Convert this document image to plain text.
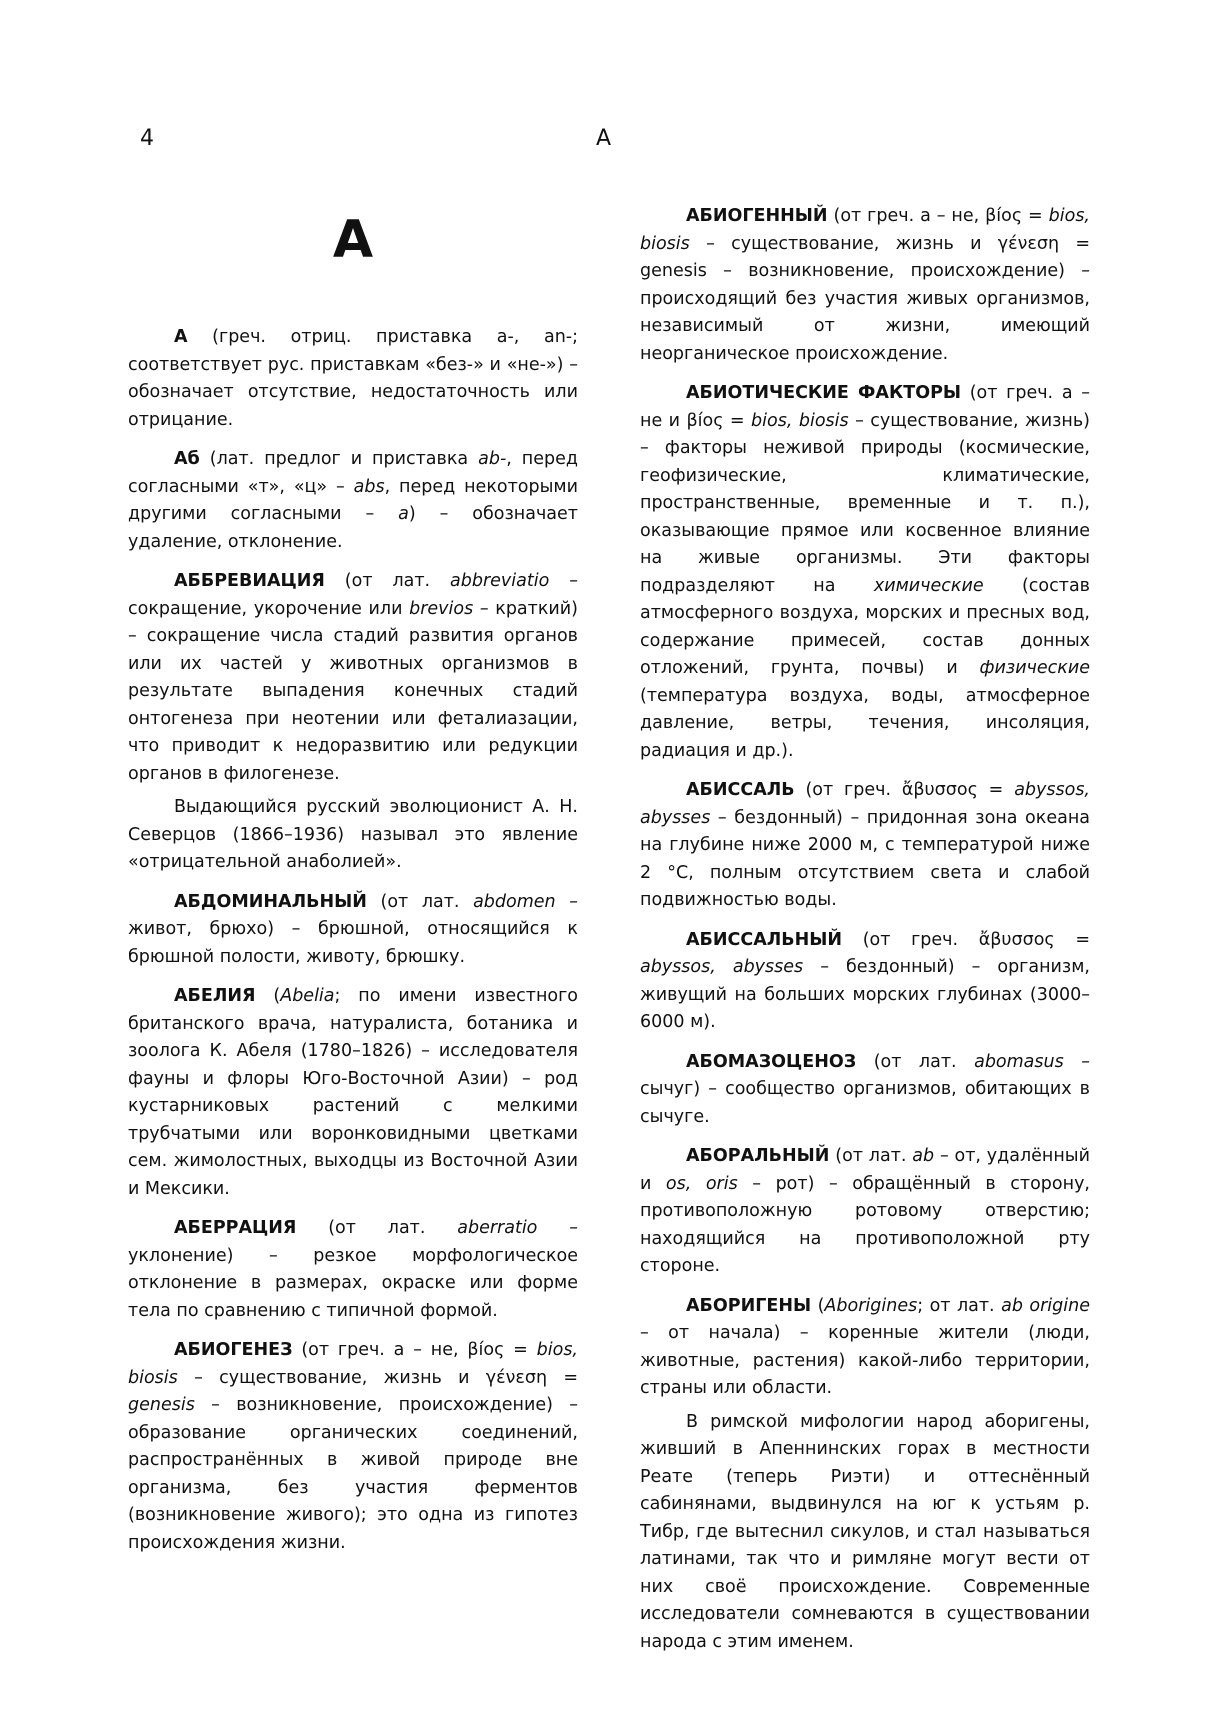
4	А
А

А (греч. отриц. приставка а-, an-; соответствует рус. приставкам «без-» и «не-») – обозначает отсутствие, недостаточность или отрицание.

Аб (лат. предлог и приставка ab-, перед согласными «т», «ц» – abs, перед некоторыми другими согласными – a) – обозначает удаление, отклонение.

АББРЕВИАЦИЯ (от лат. abbreviatio – сокращение, укорочение или brevios – краткий) – сокращение числа стадий развития органов или их частей у животных организмов в результате выпадения конечных стадий онтогенеза при неотении или феталиазации, что приводит к недоразвитию или редукции органов в филогенезе.

Выдающийся русский эволюционист А. Н. Северцов (1866–1936) называл это явление «отрицательной анаболией».

АБДОМИНАЛЬНЫЙ (от лат. abdomen – живот, брюхо) – брюшной, относящийся к брюшной полости, животу, брюшку.

АБЕЛИЯ (Abelia; по имени известного британского врача, натуралиста, ботаника и зоолога К. Абеля (1780–1826) – исследователя фауны и флоры Юго-Восточной Азии) – род кустарниковых растений с мелкими трубчатыми или воронковидными цветками сем. жимолостных, выходцы из Восточной Азии и Мексики.

АБЕРРАЦИЯ (от лат. aberratio – уклонение) – резкое морфологическое отклонение в размерах, окраске или форме тела по сравнению с типичной формой.

АБИОГЕНЕЗ (от греч. а – не, βíος = bios, biosis – существование, жизнь и γένεση = genesis – возникновение, происхождение) – образование органических соединений, распространённых в живой природе вне организма, без участия ферментов (возникновение живого); это одна из гипотез происхождения жизни.

АБИОГЕННЫЙ (от греч. а – не, βíος = bios, biosis – существование, жизнь и γένεση = genesis – возникновение, происхождение) – происходящий без участия живых организмов, независимый от жизни, имеющий неорганическое происхождение.

АБИОТИЧЕСКИЕ ФАКТОРЫ (от греч. а – не и βíος = bios, biosis – существование, жизнь) – факторы неживой природы (космические, геофизические, климатические, пространственные, временные и т. п.), оказывающие прямое или косвенное влияние на живые организмы. Эти факторы подразделяют на химические (состав атмосферного воздуха, морских и пресных вод, содержание примесей, состав донных отложений, грунта, почвы) и физические (температура воздуха, воды, атмосферное давление, ветры, течения, инсоляция, радиация и др.).

АБИССАЛЬ (от греч. ἄβυσσος = abyssos, abysses – бездонный) – придонная зона океана на глубине ниже 2000 м, с температурой ниже 2 °C, полным отсутствием света и слабой подвижностью воды.

АБИССАЛЬНЫЙ (от греч. ἄβυσσος = abyssos, abysses – бездонный) – организм, живущий на больших морских глубинах (3000–6000 м).

АБОМАЗОЦЕНОЗ (от лат. abomasus – сычуг) – сообщество организмов, обитающих в сычуге.

АБОРАЛЬНЫЙ (от лат. ab – от, удалённый и os, oris – рот) – обращённый в сторону, противоположную ротовому отверстию; находящийся на противоположной рту стороне.

АБОРИГЕНЫ (Aborigines; от лат. ab origine – от начала) – коренные жители (люди, животные, растения) какой-либо территории, страны или области.

В римской мифологии народ аборигены, живший в Апеннинских горах в местности Реате (теперь Риэти) и оттеснённый сабинянами, выдвинулся на юг к устьям р. Тибр, где вытеснил сикулов, и стал называться латинами, так что и римляне могут вести от них своё происхождение. Современные исследователи сомневаются в существовании народа с этим именем.
